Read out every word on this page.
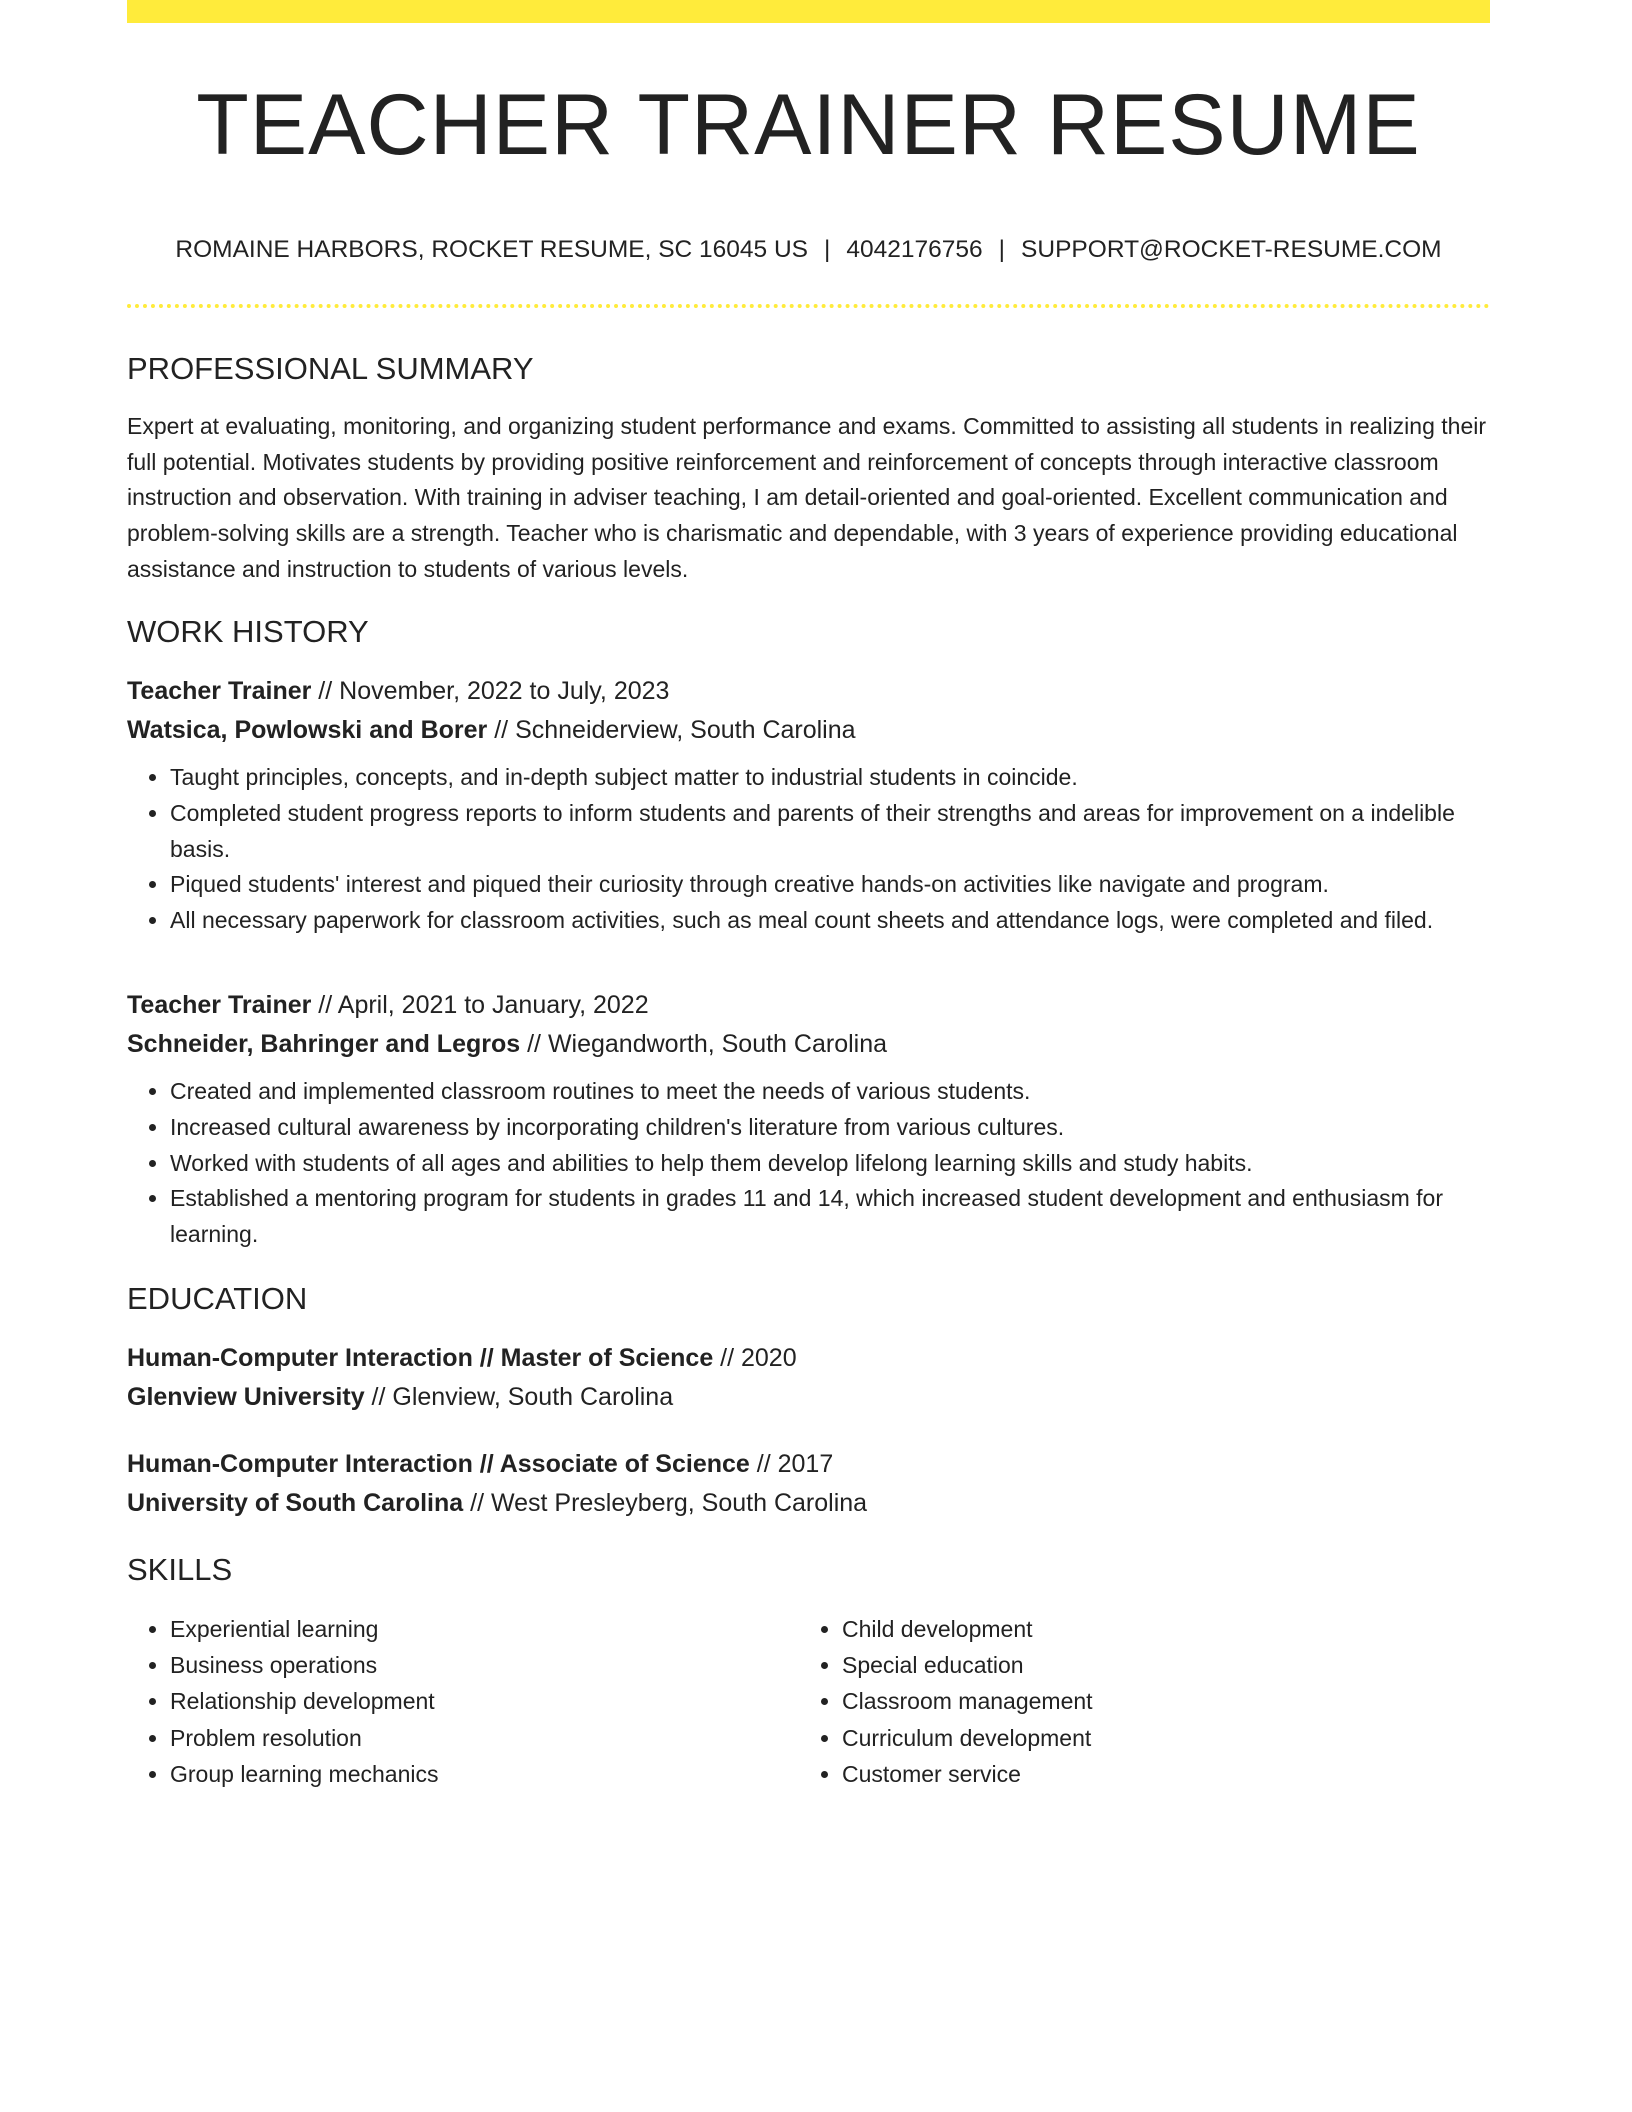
TEACHER TRAINER RESUME
ROMAINE HARBORS, ROCKET RESUME, SC 16045 US | 4042176756 | SUPPORT@ROCKET-RESUME.COM
PROFESSIONAL SUMMARY

Expert at evaluating, monitoring, and organizing student performance and exams. Committed to assisting all students in realizing their full potential. Motivates students by providing positive reinforcement and reinforcement of concepts through interactive classroom instruction and observation. With training in adviser teaching, I am detail-oriented and goal-oriented. Excellent communication and problem-solving skills are a strength. Teacher who is charismatic and dependable, with 3 years of experience providing educational assistance and instruction to students of various levels.

WORK HISTORY

Teacher Trainer // November, 2022 to July, 2023

Watsica, Powlowski and Borer // Schneiderview, South Carolina

• Taught principles, concepts, and in-depth subject matter to industrial students in coincide.
• Completed student progress reports to inform students and parents of their strengths and areas for improvement on a indelible basis.
• Piqued students' interest and piqued their curiosity through creative hands-on activities like navigate and program.
• All necessary paperwork for classroom activities, such as meal count sheets and attendance logs, were completed and filed.

Teacher Trainer // April, 2021 to January, 2022

Schneider, Bahringer and Legros // Wiegandworth, South Carolina

• Created and implemented classroom routines to meet the needs of various students.
• Increased cultural awareness by incorporating children's literature from various cultures.
• Worked with students of all ages and abilities to help them develop lifelong learning skills and study habits.
• Established a mentoring program for students in grades 11 and 14, which increased student development and enthusiasm for learning.
EDUCATION

Human-Computer Interaction // Master of Science // 2020

Glenview University // Glenview, South Carolina

Human-Computer Interaction // Associate of Science // 2017

University of South Carolina // West Presleyberg, South Carolina

SKILLS
• Experiential learning
• Business operations
• Relationship development
• Problem resolution
• Group learning mechanics
• Child development
• Special education
• Classroom management
• Curriculum development
• Customer service
